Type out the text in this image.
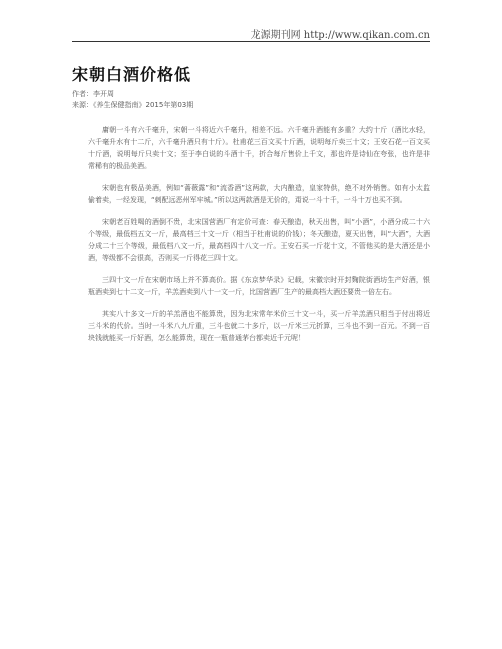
龙源期刊网 http://www.qikan.com.cn
宋朝白酒价格低
作者：李开周
来源：《养生保健指南》2015年第03期

庸朝一斗有六千毫升，宋朝一斗将近六千毫升，相差不远。六千毫升酒能有多重？大约十斤（酒比水轻，六千毫升水有十二斤，六千毫升酒只有十斤）。杜甫花三百文买十斤酒，说明每斤卖三十文；王安石花一百文买十斤酒，说明每斤只卖十文；至于李白说的斗酒十千，折合每斤售价上千文，那也许是诗仙在夸张，也许是非常稀有的极品美酒。

宋朝也有极品美酒，例如“蔷薇露”和“流香酒”这两款，大内酿造，皇家特供，绝不对外销售。如有小太监偷着卖，一经发现，“刺配远恶州军牢城。”所以这两款酒是无价的，甭说一斗十千，一斗十万也买不到。

宋朝老百姓喝的酒倒不贵，北宋国营酒厂有定价可查：春天酿造，秋天出售，叫“小酒”，小酒分成二十六个等级，最低档五文一斤，最高档三十文一斤（相当于杜甫说的价钱）；冬天酿造，夏天出售，叫“大酒”，大酒分成二十三个等级，最低档八文一斤，最高档四十八文一斤。王安石买一斤花十文，不管他买的是大酒还是小酒，等级都不会很高，否则买一斤得花三四十文。

三四十文一斤在宋朝市场上并不算高价。据《东京梦华录》记载，宋徽宗时开封麴院街酒坊生产好酒，银瓶酒卖到七十二文一斤，羊羔酒卖到八十一文一斤，比国营酒厂生产的最高档大酒还要贵一倍左右。

其实八十多文一斤的羊羔酒也不能算贵，因为北宋常年米价三十文一斗，买一斤羊羔酒只相当于付出将近三斗米的代价。当时一斗米八九斤重，三斗也就二十多斤，以一斤米三元折算，三斗也不到一百元。不到一百块钱就能买一斤好酒，怎么能算贵，现在一瓶普通茅台都卖近千元呢！
